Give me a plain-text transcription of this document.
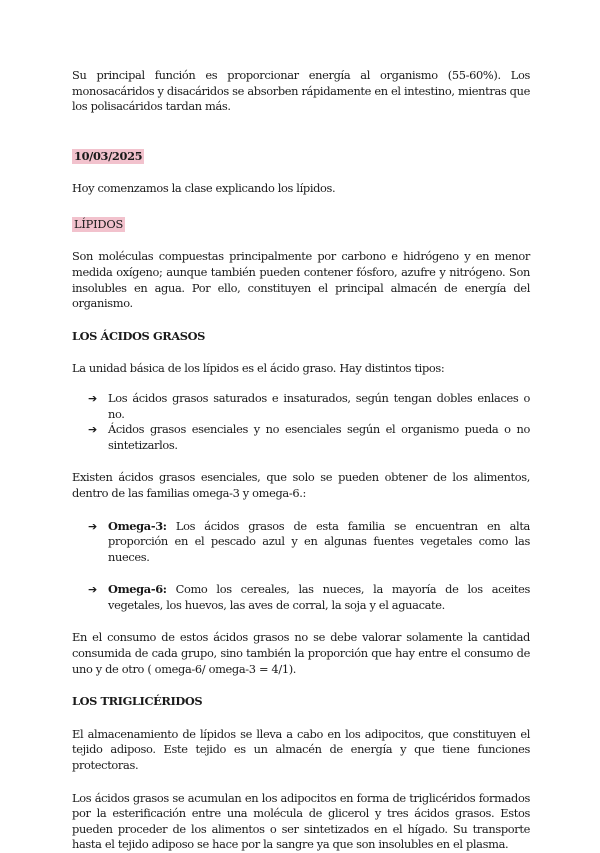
Su principal función es proporcionar energía al organismo (55-60%). Los monosacáridos y disacáridos se absorben rápidamente en el intestino, mientras que los polisacáridos tardan más.

10/03/2025

Hoy comenzamos la clase explicando los lípidos.

LÍPIDOS

Son moléculas compuestas principalmente por carbono e hidrógeno y en menor medida oxígeno; aunque también pueden contener fósforo, azufre y nitrógeno. Son insolubles en agua. Por ello, constituyen el principal almacén de energía del organismo.

LOS ÁCIDOS GRASOS

La unidad básica de los lípidos es el ácido graso. Hay distintos tipos:

➔ Los ácidos grasos saturados e insaturados, según tengan dobles enlaces o no.
➔ Ácidos grasos esenciales y no esenciales según el organismo pueda o no sintetizarlos.

Existen ácidos grasos esenciales, que solo se pueden obtener de los alimentos, dentro de las familias omega-3 y omega-6.:

➔ Omega-3: Los ácidos grasos de esta familia se encuentran en alta proporción en el pescado azul y en algunas fuentes vegetales como las nueces.
➔ Omega-6: Como los cereales, las nueces, la mayoría de los aceites vegetales, los huevos, las aves de corral, la soja y el aguacate.

En el consumo de estos ácidos grasos no se debe valorar solamente la cantidad consumida de cada grupo, sino también la proporción que hay entre el consumo de uno y de otro ( omega-6/ omega-3 = 4/1).

LOS TRIGLICÉRIDOS

El almacenamiento de lípidos se lleva a cabo en los adipocitos, que constituyen el tejido adiposo. Este tejido es un almacén de energía y que tiene funciones protectoras.

Los ácidos grasos se acumulan en los adipocitos en forma de triglicéridos formados por la esterificación entre una molécula de glicerol y tres ácidos grasos. Estos pueden proceder de los alimentos o ser sintetizados en el hígado. Su transporte hasta el tejido adiposo se hace por la sangre ya que son insolubles en el plasma.
